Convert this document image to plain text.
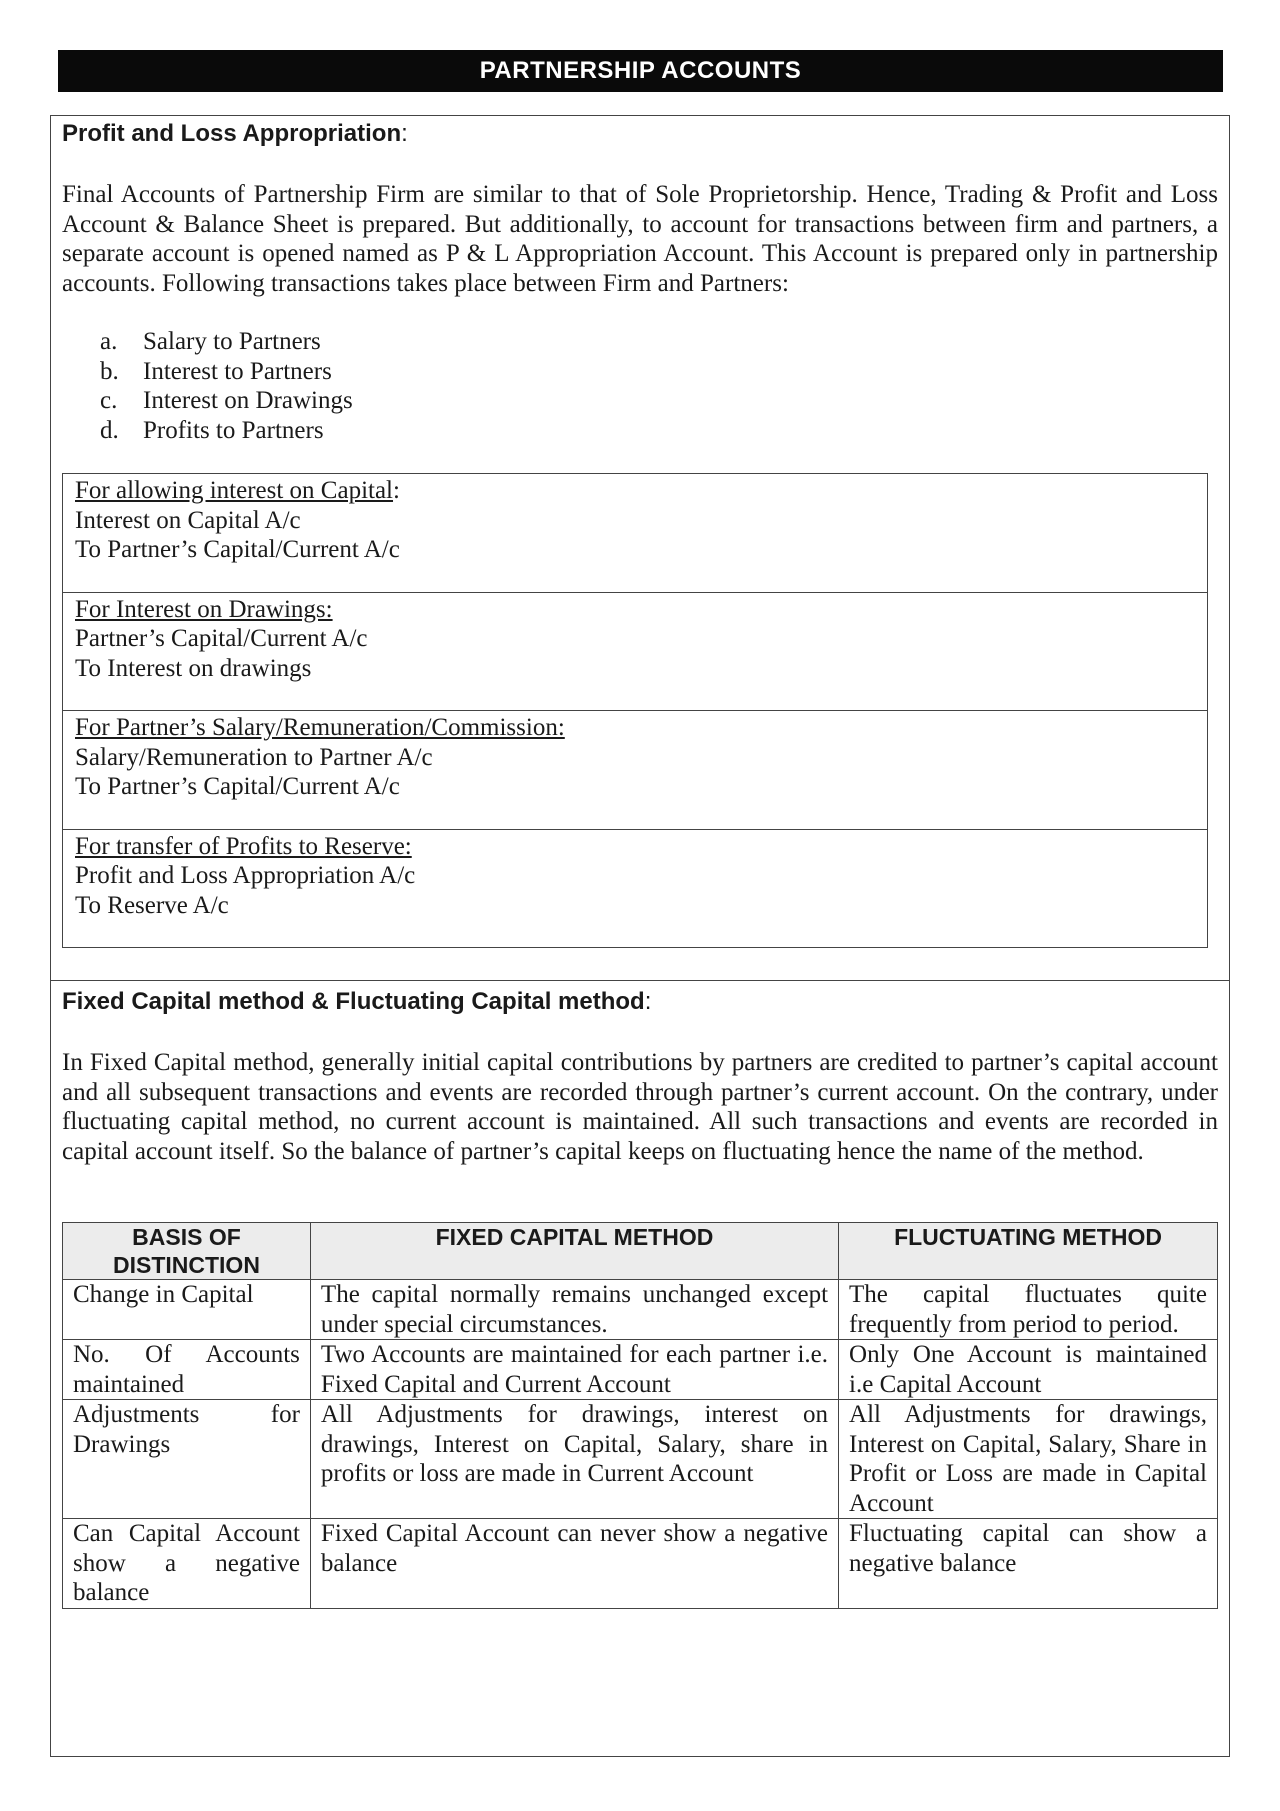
PARTNERSHIP ACCOUNTS
Profit and Loss Appropriation:

Final Accounts of Partnership Firm are similar to that of Sole Proprietorship. Hence, Trading & Profit and Loss Account & Balance Sheet is prepared. But additionally, to account for transactions between firm and partners, a separate account is opened named as P & L Appropriation Account. This Account is prepared only in partnership accounts. Following transactions takes place between Firm and Partners:

a. Salary to Partners
b. Interest to Partners
c. Interest on Drawings
d. Profits to Partners
For allowing interest on Capital:
Interest on Capital A/c
To Partner’s Capital/Current A/c
For Interest on Drawings:
Partner’s Capital/Current A/c
To Interest on drawings
For Partner’s Salary/Remuneration/Commission:
Salary/Remuneration to Partner A/c
To Partner’s Capital/Current A/c
For transfer of Profits to Reserve:
Profit and Loss Appropriation A/c
To Reserve A/c
Fixed Capital method & Fluctuating Capital method:

In Fixed Capital method, generally initial capital contributions by partners are credited to partner’s capital account and all subsequent transactions and events are recorded through partner’s current account. On the contrary, under fluctuating capital method, no current account is maintained. All such transactions and events are recorded in capital account itself. So the balance of partner’s capital keeps on fluctuating hence the name of the method.

BASIS OF DISTINCTION	FIXED CAPITAL METHOD	FLUCTUATING METHOD
Change in Capital	The capital normally remains unchanged except under special circumstances.	The capital fluctuates quite frequently from period to period.
No. Of Accounts maintained	Two Accounts are maintained for each partner i.e. Fixed Capital and Current Account	Only One Account is maintained i.e Capital Account
Adjustments for Drawings	All Adjustments for drawings, interest on drawings, Interest on Capital, Salary, share in profits or loss are made in Current Account	All Adjustments for drawings, Interest on Capital, Salary, Share in Profit or Loss are made in Capital Account
Can Capital Account show a negative balance	Fixed Capital Account can never show a negative balance	Fluctuating capital can show a negative balance
